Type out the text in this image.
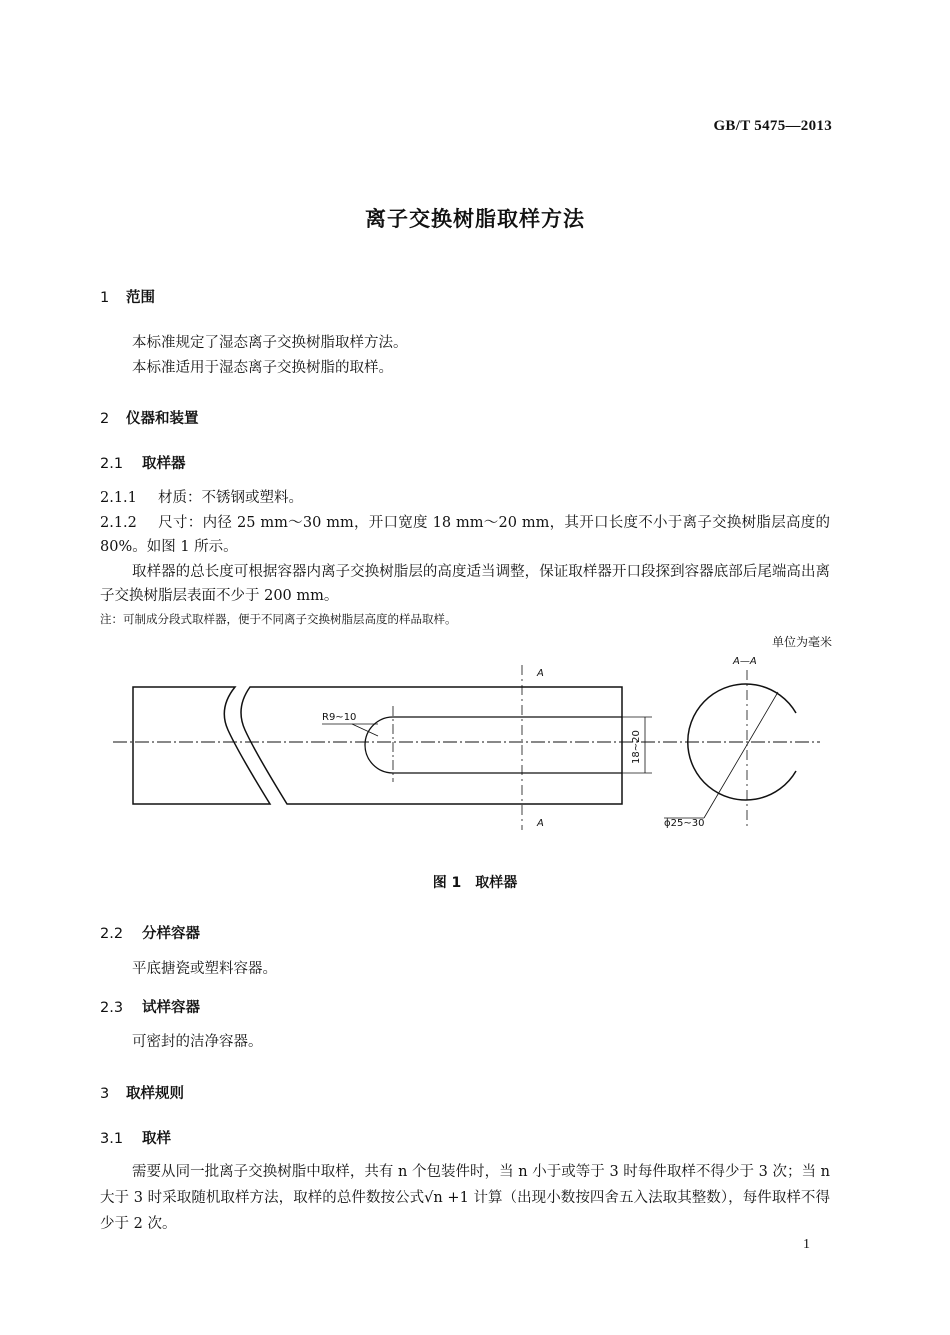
GB/T 5475—2013
离子交换树脂取样方法
1 范围
本标准规定了湿态离子交换树脂取样方法。
本标准适用于湿态离子交换树脂的取样。
2 仪器和装置
2.1 取样器
2.1.1 材质：不锈钢或塑料。
2.1.2 尺寸：内径 25 mm～30 mm，开口宽度 18 mm～20 mm，其开口长度不小于离子交换树脂层高度的 80%。如图 1 所示。
取样器的总长度可根据容器内离子交换树脂层的高度适当调整，保证取样器开口段探到容器底部后尾端高出离子交换树脂层表面不少于 200 mm。
注：可制成分段式取样器，便于不同离子交换树脂层高度的样品取样。
单位为毫米
A
A
R9~10
18~20
A—A
ϕ25~30
图 1　取样器
2.2 分样容器
平底搪瓷或塑料容器。
2.3 试样容器
可密封的洁净容器。
3 取样规则
3.1 取样
需要从同一批离子交换树脂中取样，共有 n 个包装件时，当 n 小于或等于 3 时每件取样不得少于 3 次；当 n 大于 3 时采取随机取样方法，取样的总件数按公式√n +1 计算（出现小数按四舍五入法取其整数），每件取样不得少于 2 次。
1
